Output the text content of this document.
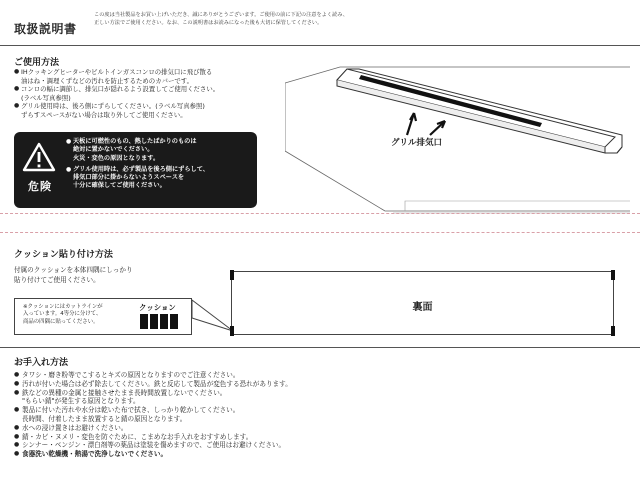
取扱説明書
この度は当社製品をお買い上げいただき、誠にありがとうございます。ご使用の前に下記の注意をよく読み、
正しい方法でご使用ください。なお、この説明書はお読みになった後も大切に保管してください。
ご使用方法
● IHクッキングヒーターやビルトインガスコンロの排気口に飛び散る
油はね・調理くずなどの汚れを防止するためのカバーです。
● コンロの幅に調節し、排気口が隠れるよう設置してご使用ください。
(ラベル写真参照)
● グリル使用時は、後ろ側にずらしてください。(ラベル写真参照)
ずらすスペースがない場合は取り外してご使用ください。
危険
● 天板に可燃性のもの、熱したばかりのものは
絶対に置かないでください。
火災・変色の原因となります。
● グリル使用時は、必ず製品を後ろ側にずらして、
排気口部分に掛からないようスペースを
十分に確保してご使用ください。
グリル排気口
クッション貼り付け方法
付属のクッションを本体四隅にしっかり
貼り付けてご使用ください。
※クッションにはカットラインが
入っています。4等分に分けて、
商品の四隅に貼ってください。
クッション	裏面
お手入れ方法
● タワシ・磨き粉等でこするとキズの原因となりますのでご注意ください。
● 汚れが付いた場合は必ず除去してください。鉄と反応して製品が変色する恐れがあります。
● 鉄などの異種の金属と接触させたまま長時間放置しないでください。
"もらい錆"が発生する原因となります。
● 製品に付いた汚れや水分は乾いた布で拭き、しっかり乾かしてください。
長時間、付着したまま放置すると錆の原因となります。
● 水への浸け置きはお避けください。
● 錆・カビ・ヌメリ・変色を防ぐために、こまめなお手入れをおすすめします。
● シンナー・ベンジン・漂白剤等の薬品は塗装を傷めますので、ご使用はお避けください。
● 食器洗い乾燥機・熱湯で洗浄しないでください。
